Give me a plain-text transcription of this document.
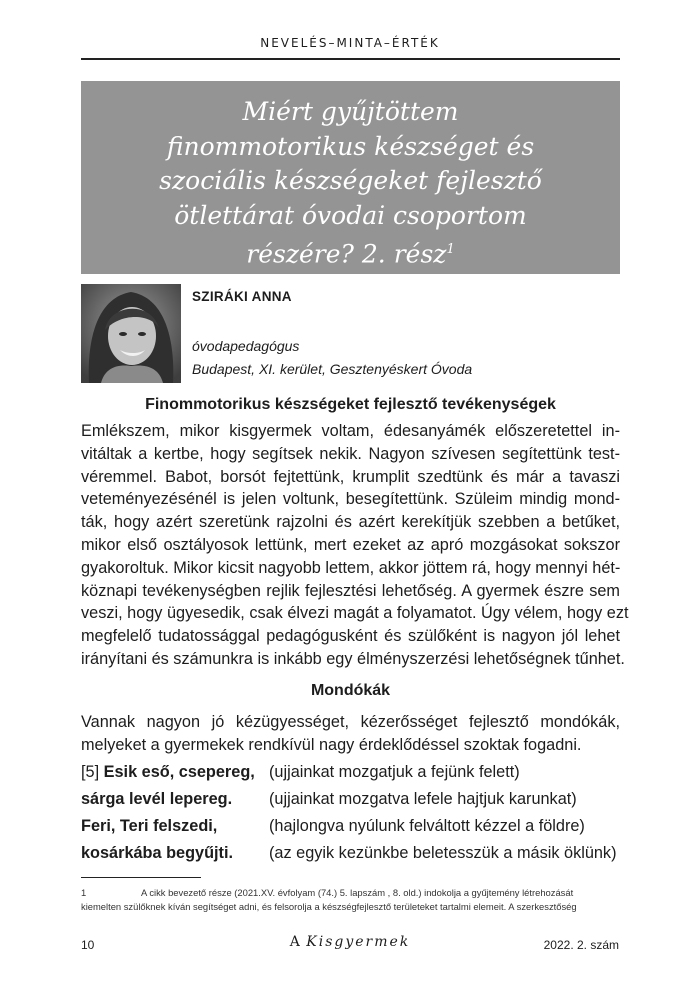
NEVELÉS–MINTA–ÉRTÉK
Miért gyűjtöttem
finommotorikus készséget és
szociális készségeket fejlesztő
ötlettárat óvodai csoportom
részére? 2. rész$^1$
SZIRÁKI ANNA
óvodapedagógus
Budapest, XI. kerület, Gesztenyéskert Óvoda
Finommotorikus készségeket fejlesztő tevékenységek
Emlékszem, mikor kisgyermek voltam, édesanyámék előszeretettel in-
vitáltak a kertbe, hogy segítsek nekik. Nagyon szívesen segítettünk test-
véremmel. Babot, borsót fejtettünk, krumplit szedtünk és már a tavaszi
veteményezésénél is jelen voltunk, besegítettünk. Szüleim mindig mond-
ták, hogy azért szeretünk rajzolni és azért kerekítjük szebben a betűket,
mikor első osztályosok lettünk, mert ezeket az apró mozgásokat sokszor
gyakoroltuk. Mikor kicsit nagyobb lettem, akkor jöttem rá, hogy mennyi hét-
köznapi tevékenységben rejlik fejlesztési lehetőség. A gyermek észre sem
veszi, hogy ügyesedik, csak élvezi magát a folyamatot. Úgy vélem, hogy ezt
megfelelő tudatossággal pedagógusként és szülőként is nagyon jól lehet
irányítani és számunkra is inkább egy élményszerzési lehetőségnek tűnhet.
Mondókák
Vannak nagyon jó kézügyességet, kézerősséget fejlesztő mondókák,
melyeket a gyermekek rendkívül nagy érdeklődéssel szoktak fogadni.
[5] Esik eső, csepereg, (ujjainkat mozgatjuk a fejünk felett)
sárga levél lepereg. (ujjainkat mozgatva lefele hajtjuk karunkat)
Feri, Teri felszedi,	(hajlongva nyúlunk felváltott kézzel a földre)
kosárkába begyűjti. (az egyik kezünkbe beletesszük a másik öklünk)
1	A cikk bevezető része (2021.XV. évfolyam (74.) 5. lapszám , 8. old.) indokolja a gyűjtemény létrehozását
kiemelten szülőknek kíván segítséget adni, és felsorolja a készségfejlesztő területeket tartalmi elemeit. A szerkesztőség
10	A Kisgyermek	2022. 2. szám
